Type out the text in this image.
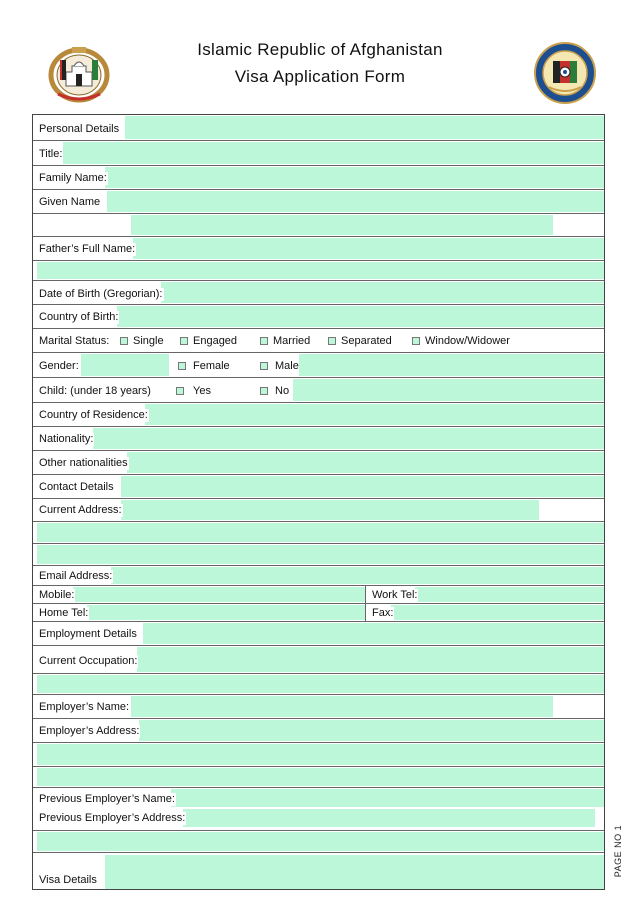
Islamic Republic of Afghanistan
Visa Application Form
Personal Details
Title:
Family Name:
Given Name
Father’s Full Name:
Date of Birth (Gregorian):
Country of Birth:
Marital Status: Single	Engaged	Married	Separated	Window/Widower
Gender:	Female	Male
Child: (under 18 years)	Yes	No
Country of Residence:
Nationality:
Other nationalities
Contact Details
Current Address:
Email Address:
Mobile:	Work Tel:
Home Tel:	Fax:
Employment Details
Current Occupation:
Employer’s Name:
Employer’s Address:
Previous Employer’s Name:
Previous Employer’s Address:
Visa Details
PAGE NO 1
